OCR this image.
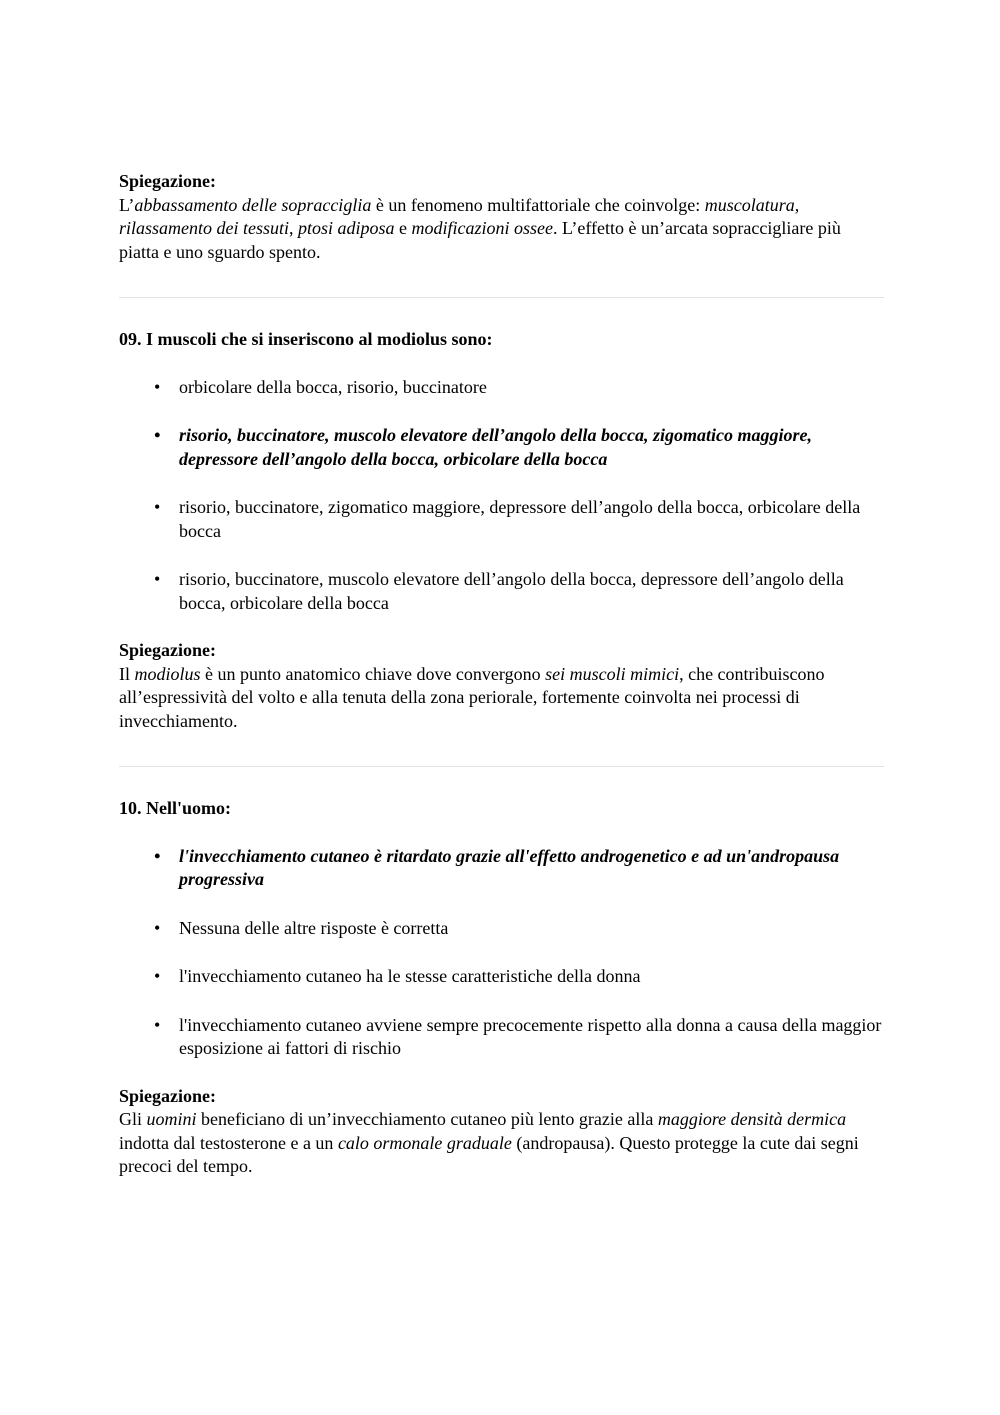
Spiegazione:

L’abbassamento delle sopracciglia è un fenomeno multifattoriale che coinvolge: muscolatura, rilassamento dei tessuti, ptosi adiposa e modificazioni ossee. L’effetto è un’arcata sopraccigliare più piatta e uno sguardo spento.

09. I muscoli che si inseriscono al modiolus sono:

• orbicolare della bocca, risorio, buccinatore
• risorio, buccinatore, muscolo elevatore dell’angolo della bocca, zigomatico maggiore, depressore dell’angolo della bocca, orbicolare della bocca
• risorio, buccinatore, zigomatico maggiore, depressore dell’angolo della bocca, orbicolare della bocca
• risorio, buccinatore, muscolo elevatore dell’angolo della bocca, depressore dell’angolo della bocca, orbicolare della bocca

Spiegazione:

Il modiolus è un punto anatomico chiave dove convergono sei muscoli mimici, che contribuiscono all’espressività del volto e alla tenuta della zona periorale, fortemente coinvolta nei processi di invecchiamento.

10. Nell'uomo:

• l'invecchiamento cutaneo è ritardato grazie all'effetto androgenetico e ad un'andropausa progressiva
• Nessuna delle altre risposte è corretta
• l'invecchiamento cutaneo ha le stesse caratteristiche della donna
• l'invecchiamento cutaneo avviene sempre precocemente rispetto alla donna a causa della maggior esposizione ai fattori di rischio

Spiegazione:

Gli uomini beneficiano di un’invecchiamento cutaneo più lento grazie alla maggiore densità dermica indotta dal testosterone e a un calo ormonale graduale (andropausa). Questo protegge la cute dai segni precoci del tempo.
